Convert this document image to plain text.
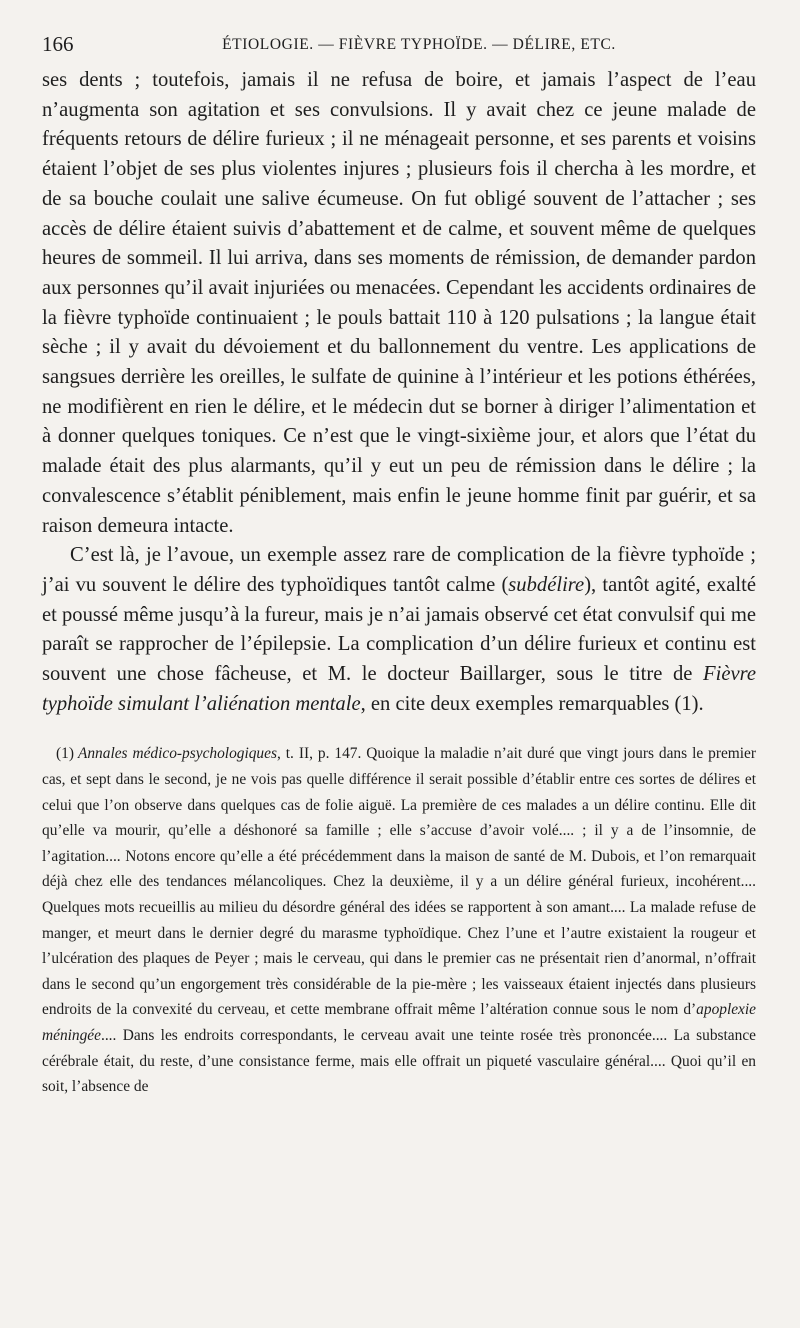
166	ÉTIOLOGIE. — FIÈVRE TYPHOÏDE. — DÉLIRE, ETC.

ses dents ; toutefois, jamais il ne refusa de boire, et jamais l’aspect de l’eau n’augmenta son agitation et ses convulsions. Il y avait chez ce jeune malade de fréquents retours de délire furieux ; il ne ménageait personne, et ses parents et voisins étaient l’objet de ses plus violentes injures ; plusieurs fois il chercha à les mordre, et de sa bouche coulait une salive écumeuse. On fut obligé souvent de l’attacher ; ses accès de délire étaient suivis d’abattement et de calme, et souvent même de quelques heures de sommeil. Il lui arriva, dans ses moments de rémission, de demander pardon aux personnes qu’il avait injuriées ou menacées. Cependant les accidents ordinaires de la fièvre typhoïde continuaient ; le pouls battait 110 à 120 pulsations ; la langue était sèche ; il y avait du dévoiement et du ballonnement du ventre. Les applications de sangsues derrière les oreilles, le sulfate de quinine à l’intérieur et les potions éthérées, ne modifièrent en rien le délire, et le médecin dut se borner à diriger l’alimentation et à donner quelques toniques. Ce n’est que le vingt-sixième jour, et alors que l’état du malade était des plus alarmants, qu’il y eut un peu de rémission dans le délire ; la convalescence s’établit péniblement, mais enfin le jeune homme finit par guérir, et sa raison demeura intacte.

C’est là, je l’avoue, un exemple assez rare de complication de la fièvre typhoïde ; j’ai vu souvent le délire des typhoïdiques tantôt calme (subdélire), tantôt agité, exalté et poussé même jusqu’à la fureur, mais je n’ai jamais observé cet état convulsif qui me paraît se rapprocher de l’épilepsie. La complication d’un délire furieux et continu est souvent une chose fâcheuse, et M. le docteur Baillarger, sous le titre de Fièvre typhoïde simulant l’aliénation mentale, en cite deux exemples remarquables (1).

(1) Annales médico-psychologiques, t. II, p. 147. Quoique la maladie n’ait duré que vingt jours dans le premier cas, et sept dans le second, je ne vois pas quelle différence il serait possible d’établir entre ces sortes de délires et celui que l’on observe dans quelques cas de folie aiguë. La première de ces malades a un délire continu. Elle dit qu’elle va mourir, qu’elle a déshonoré sa famille ; elle s’accuse d’avoir volé.... ; il y a de l’insomnie, de l’agitation.... Notons encore qu’elle a été précédemment dans la maison de santé de M. Dubois, et l’on remarquait déjà chez elle des tendances mélancoliques. Chez la deuxième, il y a un délire général furieux, incohérent.... Quelques mots recueillis au milieu du désordre général des idées se rapportent à son amant.... La malade refuse de manger, et meurt dans le dernier degré du marasme typhoïdique. Chez l’une et l’autre existaient la rougeur et l’ulcération des plaques de Peyer ; mais le cerveau, qui dans le premier cas ne présentait rien d’anormal, n’offrait dans le second qu’un engorgement très considérable de la pie-mère ; les vaisseaux étaient injectés dans plusieurs endroits de la convexité du cerveau, et cette membrane offrait même l’altération connue sous le nom d’apoplexie méningée.... Dans les endroits correspondants, le cerveau avait une teinte rosée très prononcée.... La substance cérébrale était, du reste, d’une consistance ferme, mais elle offrait un piqueté vasculaire général.... Quoi qu’il en soit, l’absence de
